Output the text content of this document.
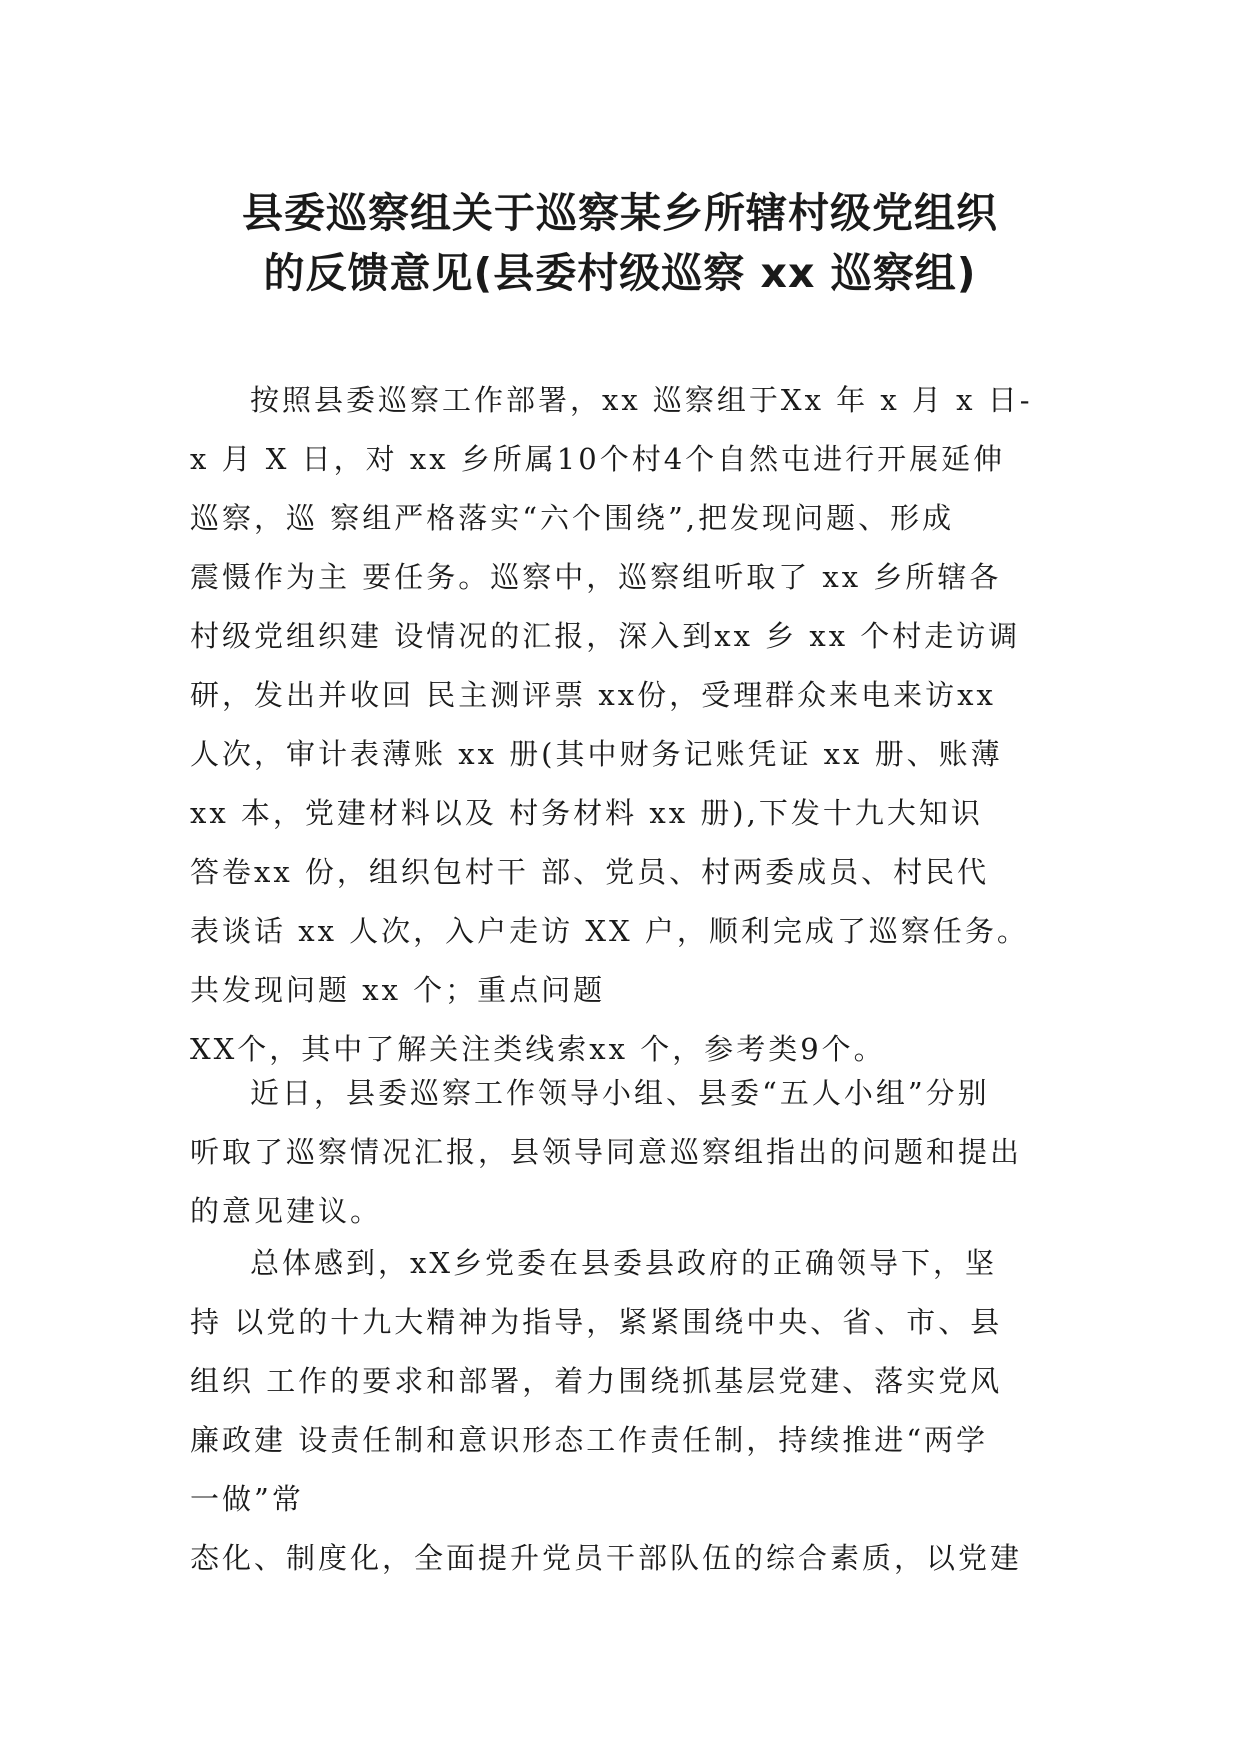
县委巡察组关于巡察某乡所辖村级党组织
的反馈意见(县委村级巡察 xx 巡察组)
按照县委巡察工作部署，xx 巡察组于Xx 年 x 月 x 日-
x 月 X 日，对 xx 乡所属10个村4个自然屯进行开展延伸
巡察，巡 察组严格落实“六个围绕”,把发现问题、形成
震慑作为主 要任务。巡察中，巡察组听取了 xx 乡所辖各
村级党组织建 设情况的汇报，深入到xx 乡 xx 个村走访调
研，发出并收回 民主测评票 xx份，受理群众来电来访xx
人次，审计表薄账 xx 册(其中财务记账凭证 xx 册、账薄
xx 本，党建材料以及 村务材料 xx 册),下发十九大知识
答卷xx 份，组织包村干 部、党员、村两委成员、村民代
表谈话 xx 人次，入户走访 XX 户，顺利完成了巡察任务。
共发现问题 xx 个；重点问题
XX个，其中了解关注类线索xx 个，参考类9个。
近日，县委巡察工作领导小组、县委“五人小组”分别
听取了巡察情况汇报，县领导同意巡察组指出的问题和提出
的意见建议。
总体感到，xX乡党委在县委县政府的正确领导下，坚
持 以党的十九大精神为指导，紧紧围绕中央、省、市、县
组织 工作的要求和部署，着力围绕抓基层党建、落实党风
廉政建 设责任制和意识形态工作责任制，持续推进“两学
一做”常
态化、制度化，全面提升党员干部队伍的综合素质，以党建
